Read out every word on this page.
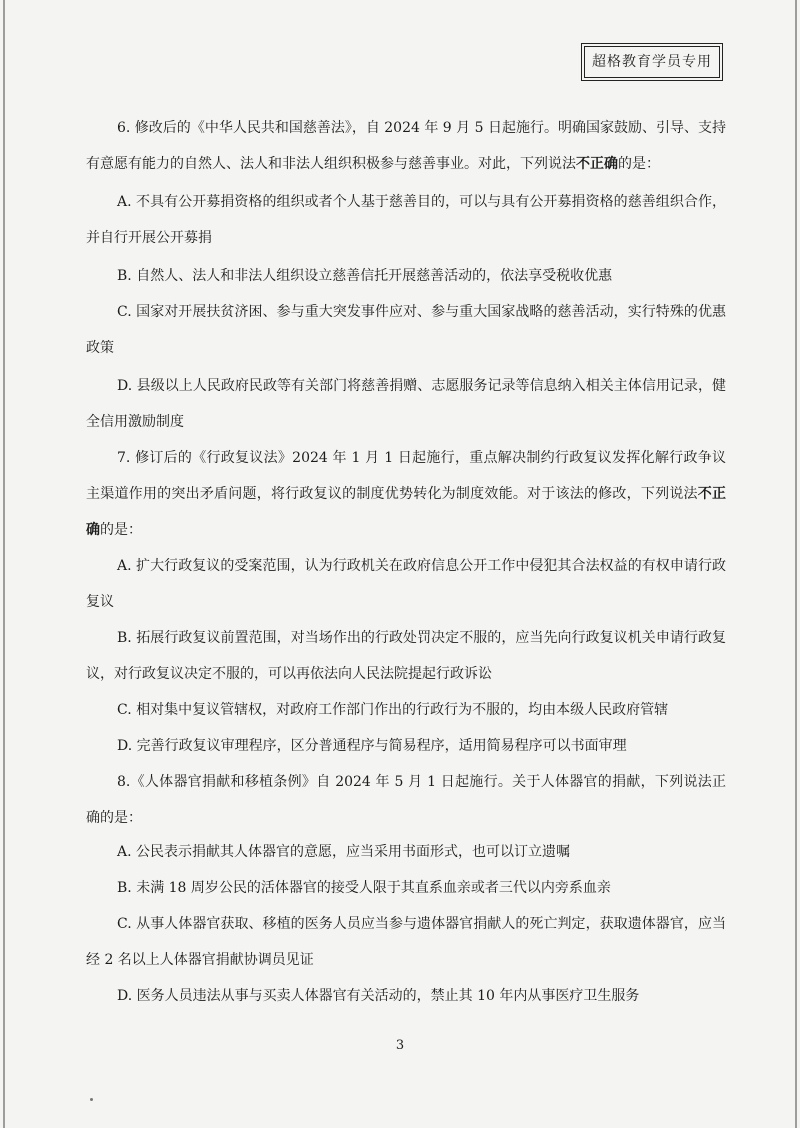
超格教育学员专用
6. 修改后的《中华人民共和国慈善法》，自 2024 年 9 月 5 日起施行。明确国家鼓励、引导、支持有意愿有能力的自然人、法人和非法人组织积极参与慈善事业。对此，下列说法不正确的是：
A. 不具有公开募捐资格的组织或者个人基于慈善目的，可以与具有公开募捐资格的慈善组织合作，并自行开展公开募捐
B. 自然人、法人和非法人组织设立慈善信托开展慈善活动的，依法享受税收优惠
C. 国家对开展扶贫济困、参与重大突发事件应对、参与重大国家战略的慈善活动，实行特殊的优惠政策
D. 县级以上人民政府民政等有关部门将慈善捐赠、志愿服务记录等信息纳入相关主体信用记录，健全信用激励制度
7. 修订后的《行政复议法》2024 年 1 月 1 日起施行，重点解决制约行政复议发挥化解行政争议主渠道作用的突出矛盾问题，将行政复议的制度优势转化为制度效能。对于该法的修改，下列说法不正确的是：
A. 扩大行政复议的受案范围，认为行政机关在政府信息公开工作中侵犯其合法权益的有权申请行政复议
B. 拓展行政复议前置范围，对当场作出的行政处罚决定不服的，应当先向行政复议机关申请行政复议，对行政复议决定不服的，可以再依法向人民法院提起行政诉讼
C. 相对集中复议管辖权，对政府工作部门作出的行政行为不服的，均由本级人民政府管辖
D. 完善行政复议审理程序，区分普通程序与简易程序，适用简易程序可以书面审理
8.《人体器官捐献和移植条例》自 2024 年 5 月 1 日起施行。关于人体器官的捐献，下列说法正确的是：
A. 公民表示捐献其人体器官的意愿，应当采用书面形式，也可以订立遗嘱
B. 未满 18 周岁公民的活体器官的接受人限于其直系血亲或者三代以内旁系血亲
C. 从事人体器官获取、移植的医务人员应当参与遗体器官捐献人的死亡判定，获取遗体器官，应当经 2 名以上人体器官捐献协调员见证
D. 医务人员违法从事与买卖人体器官有关活动的，禁止其 10 年内从事医疗卫生服务
3
